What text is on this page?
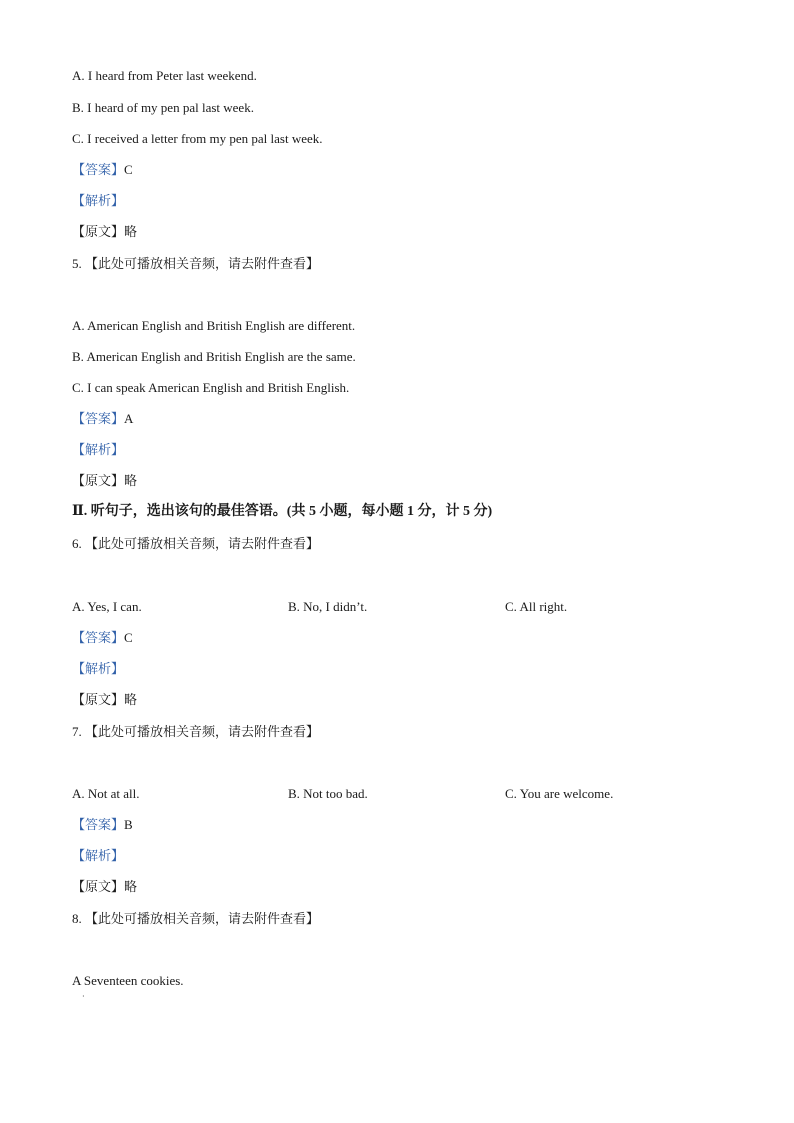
A. I heard from Peter last weekend.
B. I heard of my pen pal last week.
C. I received a letter from my pen pal last week.
【答案】C
【解析】
【原文】略
5. 【此处可播放相关音频，请去附件查看】
A. American English and British English are different.
B. American English and British English are the same.
C. I can speak American English and British English.
【答案】A
【解析】
【原文】略
Ⅱ. 听句子，选出该句的最佳答语。(共 5 小题，每小题 1 分，计 5 分)
6. 【此处可播放相关音频，请去附件查看】
A. Yes, I can.	B. No, I didn’t.	C. All right.
【答案】C
【解析】
【原文】略
7. 【此处可播放相关音频，请去附件查看】
A. Not at all.	B. Not too bad.	C. You are welcome.
【答案】B
【解析】
【原文】略
8. 【此处可播放相关音频，请去附件查看】
A Seventeen cookies.
·
